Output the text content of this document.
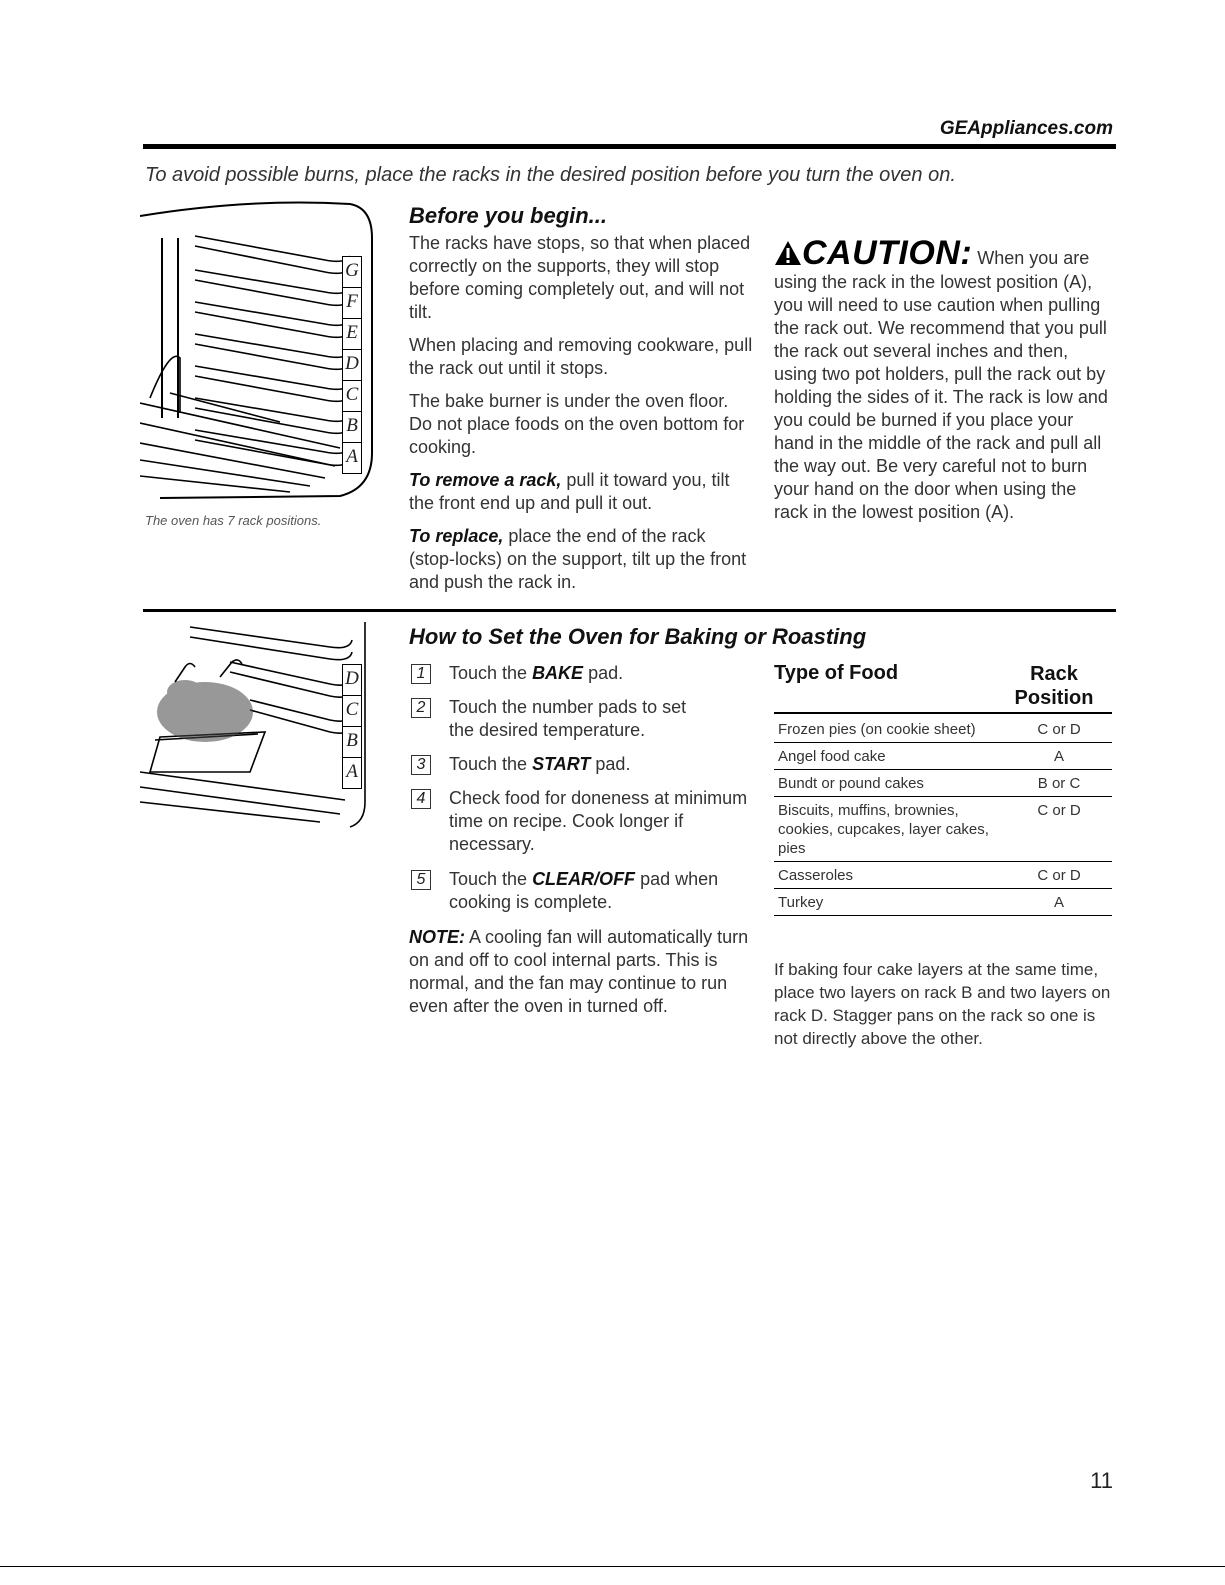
GEAppliances.com
To avoid possible burns, place the racks in the desired position before you turn the oven on.
G
F
E
D
C
B
A
The oven has 7 rack positions.
Before you begin...

The racks have stops, so that when placed correctly on the supports, they will stop before coming completely out, and will not tilt.

When placing and removing cookware, pull the rack out until it stops.

The bake burner is under the oven floor. Do not place foods on the oven bottom for cooking.

To remove a rack, pull it toward you, tilt the front end up and pull it out.

To replace, place the end of the rack (stop-locks) on the support, tilt up the front and push the rack in.

CAUTION: When you are
using the rack in the lowest position (A), you will need to use caution when pulling the rack out. We recommend that you pull the rack out several inches and then, using two pot holders, pull the rack out by holding the sides of it. The rack is low and you could be burned if you place your hand in the middle of the rack and pull all the way out. Be very careful not to burn your hand on the door when using the rack in the lowest position (A).
D
C
B
A
How to Set the Oven for Baking or Roasting
1	Touch the BAKE pad.
2	Touch the number pads to set the desired temperature.
3	Touch the START pad.
4	Check food for doneness at minimum time on recipe. Cook longer if necessary.
5	Touch the CLEAR/OFF pad when cooking is complete.
NOTE: A cooling fan will automatically turn on and off to cool internal parts. This is normal, and the fan may continue to run even after the oven in turned off.
Type of Food	Rack Position
Frozen pies (on cookie sheet)	C or D
Angel food cake	A
Bundt or pound cakes	B or C
Biscuits, muffins, brownies, cookies, cupcakes, layer cakes, pies	C or D
Casseroles	C or D
Turkey	A
If baking four cake layers at the same time, place two layers on rack B and two layers on rack D. Stagger pans on the rack so one is not directly above the other.
11
